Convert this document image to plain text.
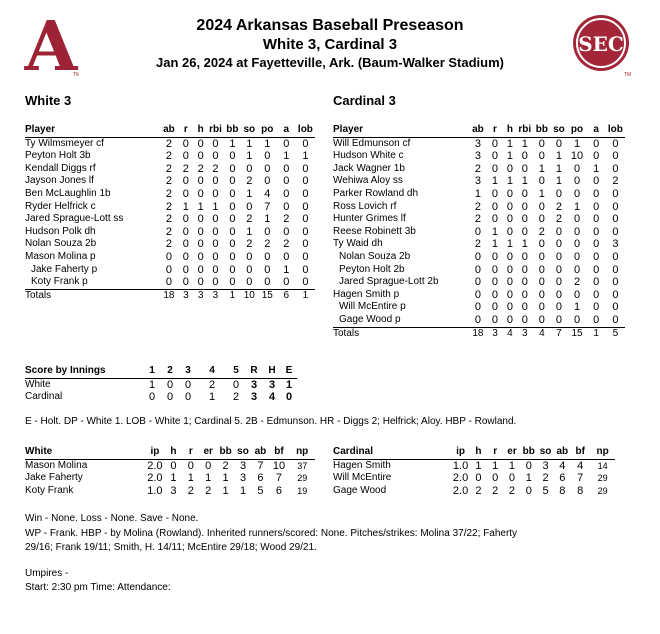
A
TM
SEC
TM
2024 Arkansas Baseball Preseason
White 3, Cardinal 3
Jan 26, 2024 at Fayetteville, Ark. (Baum-Walker Stadium)
White 3	Cardinal 3
Player	ab	r	h	rbi	bb	so	po	a	lob
Ty Wilmsmeyer cf	2	0	0	0	1	1	1	0	0
Peyton Holt 3b	2	0	0	0	0	1	0	1	1
Kendall Diggs rf	2	2	2	2	0	0	0	0	0
Jayson Jones lf	2	0	0	0	0	2	0	0	0
Ben McLaughlin 1b	2	0	0	0	0	1	4	0	0
Ryder Helfrick c	2	1	1	1	0	0	7	0	0
Jared Sprague-Lott ss	2	0	0	0	0	2	1	2	0
Hudson Polk dh	2	0	0	0	0	1	0	0	0
Nolan Souza 2b	2	0	0	0	0	2	2	2	0
Mason Molina p	0	0	0	0	0	0	0	0	0
Jake Faherty p	0	0	0	0	0	0	0	1	0
Koty Frank p	0	0	0	0	0	0	0	0	0
Totals	18	3	3	3	1	10	15	6	1
Player	ab	r	h	rbi	bb	so	po	a	lob
Will Edmunson cf	3	0	1	1	0	0	1	0	0
Hudson White c	3	0	1	0	0	1	10	0	0
Jack Wagner 1b	2	0	0	0	1	1	0	1	0
Wehiwa Aloy ss	3	1	1	1	0	1	0	0	2
Parker Rowland dh	1	0	0	0	1	0	0	0	0
Ross Lovich rf	2	0	0	0	0	2	1	0	0
Hunter Grimes lf	2	0	0	0	0	2	0	0	0
Reese Robinett 3b	0	1	0	0	2	0	0	0	0
Ty Waid dh	2	1	1	1	0	0	0	0	3
Nolan Souza 2b	0	0	0	0	0	0	0	0	0
Peyton Holt 2b	0	0	0	0	0	0	0	0	0
Jared Sprague-Lott 2b	0	0	0	0	0	0	2	0	0
Hagen Smith p	0	0	0	0	0	0	0	0	0
Will McEntire p	0	0	0	0	0	0	1	0	0
Gage Wood p	0	0	0	0	0	0	0	0	0
Totals	18	3	4	3	4	7	15	1	5
Score by Innings	1	2	3	4	5	R	H	E
White	1	0	0	2	0	3	3	1
Cardinal	0	0	0	1	2	3	4	0
E - Holt. DP - White 1. LOB - White 1; Cardinal 5. 2B - Edmunson. HR - Diggs 2; Helfrick; Aloy. HBP - Rowland.
White	ip	h	r	er	bb	so	ab	bf	np
Mason Molina	2.0	0	0	0	2	3	7	10	37
Jake Faherty	2.0	1	1	1	1	3	6	7	29
Koty Frank	1.0	3	2	2	1	1	5	6	19
Cardinal	ip	h	r	er	bb	so	ab	bf	np
Hagen Smith	1.0	1	1	1	0	3	4	4	14
Will McEntire	2.0	0	0	0	1	2	6	7	29
Gage Wood	2.0	2	2	2	0	5	8	8	29
Win - None. Loss - None. Save - None.
WP - Frank. HBP - by Molina (Rowland). Inherited runners/scored: None. Pitches/strikes: Molina 37/22; Faherty
29/16; Frank 19/11; Smith, H. 14/11; McEntire 29/18; Wood 29/21.
Umpires -
Start: 2:30 pm Time: Attendance:
